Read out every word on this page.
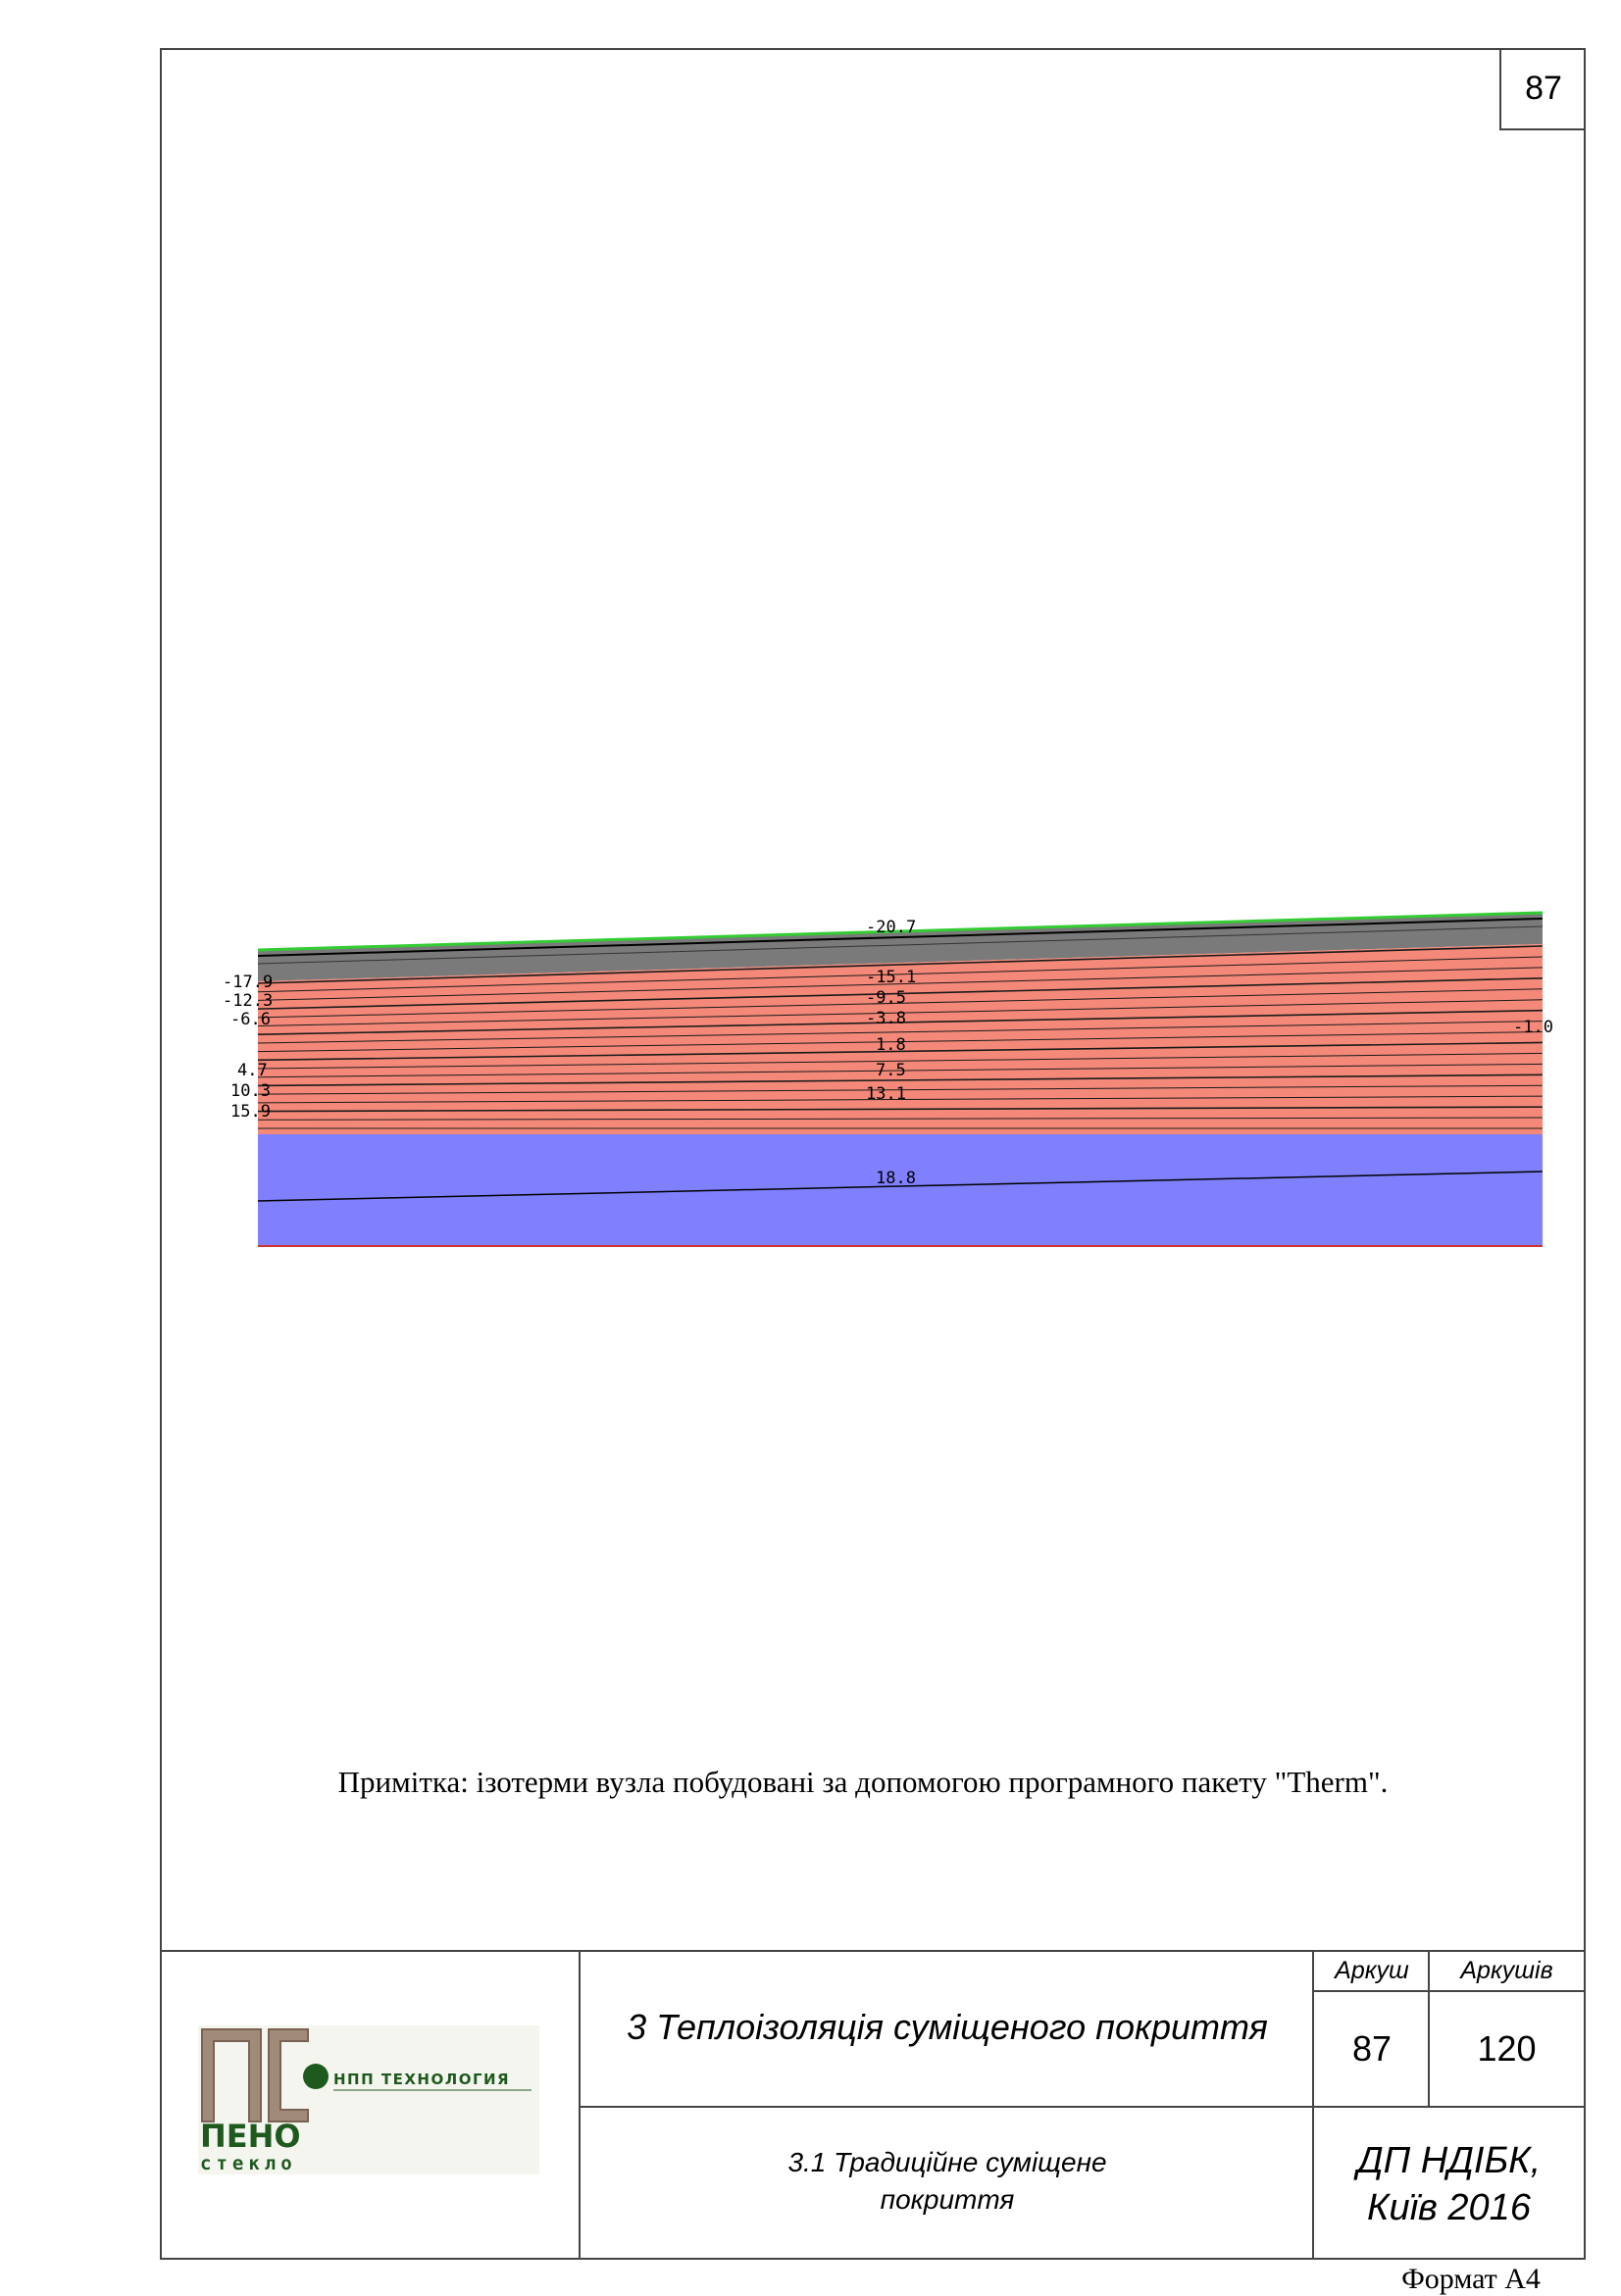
87
-20.7
-17.9
-12.3
-6.6
4.7
10.3
15.9
-15.1
-9.5
-3.8
1.8
7.5
13.1
-1.0
18.8
Примітка: ізотерми вузла побудовані за допомогою програмного пакету "Therm".
НПП ТЕХНОЛОГИЯ
ПЕНО
стекло
3 Теплоізоляція суміщеного покриття
3.1 Традиційне суміщене
покриття
Аркуш	Аркушів
87	120
ДП НДІБК,
Київ 2016
Формат А4
